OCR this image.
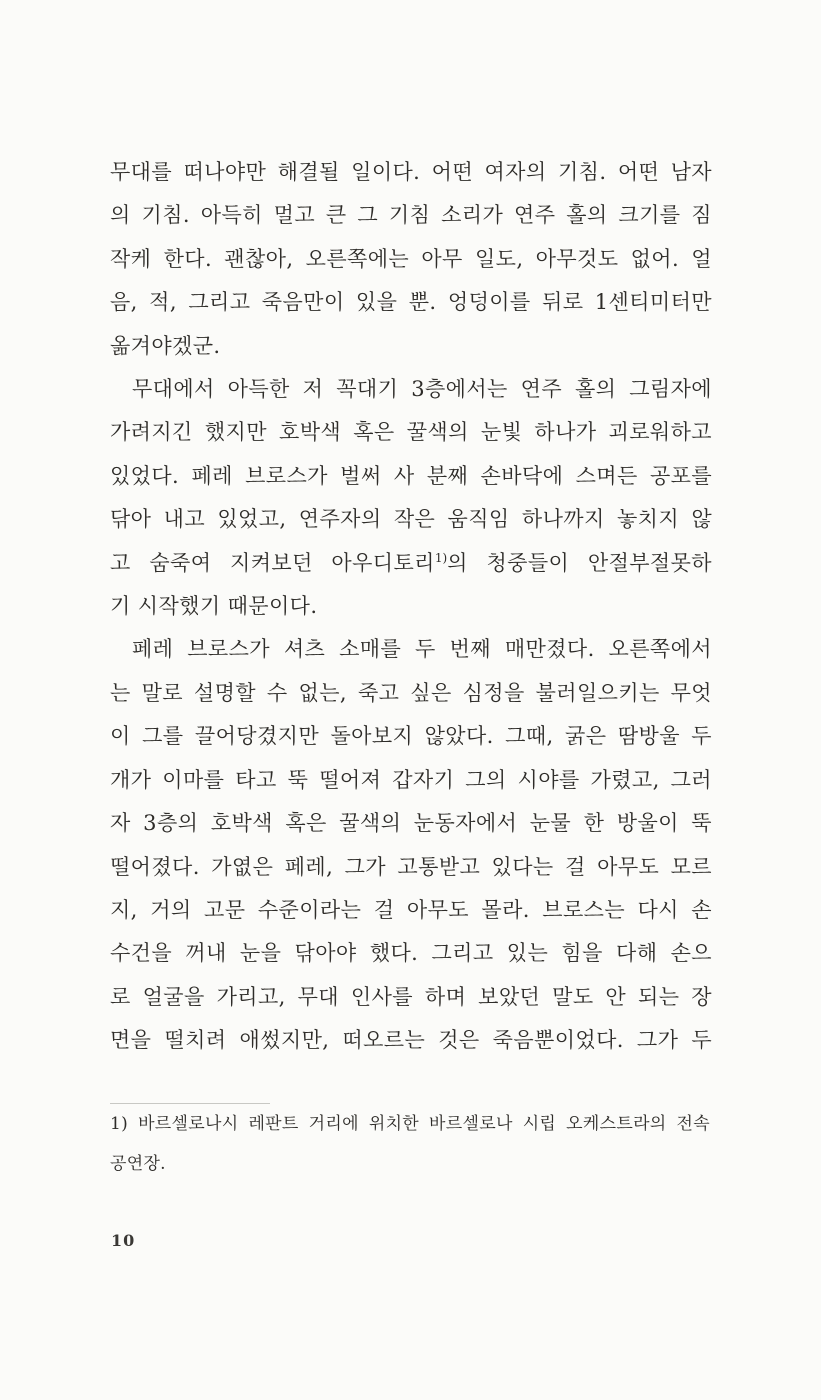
무대를 떠나야만 해결될 일이다. 어떤 여자의 기침. 어떤 남자
의 기침. 아득히 멀고 큰 그 기침 소리가 연주 홀의 크기를 짐
작케 한다. 괜찮아, 오른쪽에는 아무 일도, 아무것도 없어. 얼
음, 적, 그리고 죽음만이 있을 뿐. 엉덩이를 뒤로 1센티미터만
옮겨야겠군.
무대에서 아득한 저 꼭대기 3층에서는 연주 홀의 그림자에
가려지긴 했지만 호박색 혹은 꿀색의 눈빛 하나가 괴로워하고
있었다. 페레 브로스가 벌써 사 분째 손바닥에 스며든 공포를
닦아 내고 있었고, 연주자의 작은 움직임 하나까지 놓치지 않
고 숨죽여 지켜보던 아우디토리$^{1)}$의 청중들이 안절부절못하
기 시작했기 때문이다.
페레 브로스가 셔츠 소매를 두 번째 매만졌다. 오른쪽에서
는 말로 설명할 수 없는, 죽고 싶은 심정을 불러일으키는 무엇
이 그를 끌어당겼지만 돌아보지 않았다. 그때, 굵은 땀방울 두
개가 이마를 타고 뚝 떨어져 갑자기 그의 시야를 가렸고, 그러
자 3층의 호박색 혹은 꿀색의 눈동자에서 눈물 한 방울이 뚝
떨어졌다. 가엾은 페레, 그가 고통받고 있다는 걸 아무도 모르
지, 거의 고문 수준이라는 걸 아무도 몰라. 브로스는 다시 손
수건을 꺼내 눈을 닦아야 했다. 그리고 있는 힘을 다해 손으
로 얼굴을 가리고, 무대 인사를 하며 보았던 말도 안 되는 장
면을 떨치려 애썼지만, 떠오르는 것은 죽음뿐이었다. 그가 두
1) 바르셀로나시 레판트 거리에 위치한 바르셀로나 시립 오케스트라의 전속
공연장.
10
